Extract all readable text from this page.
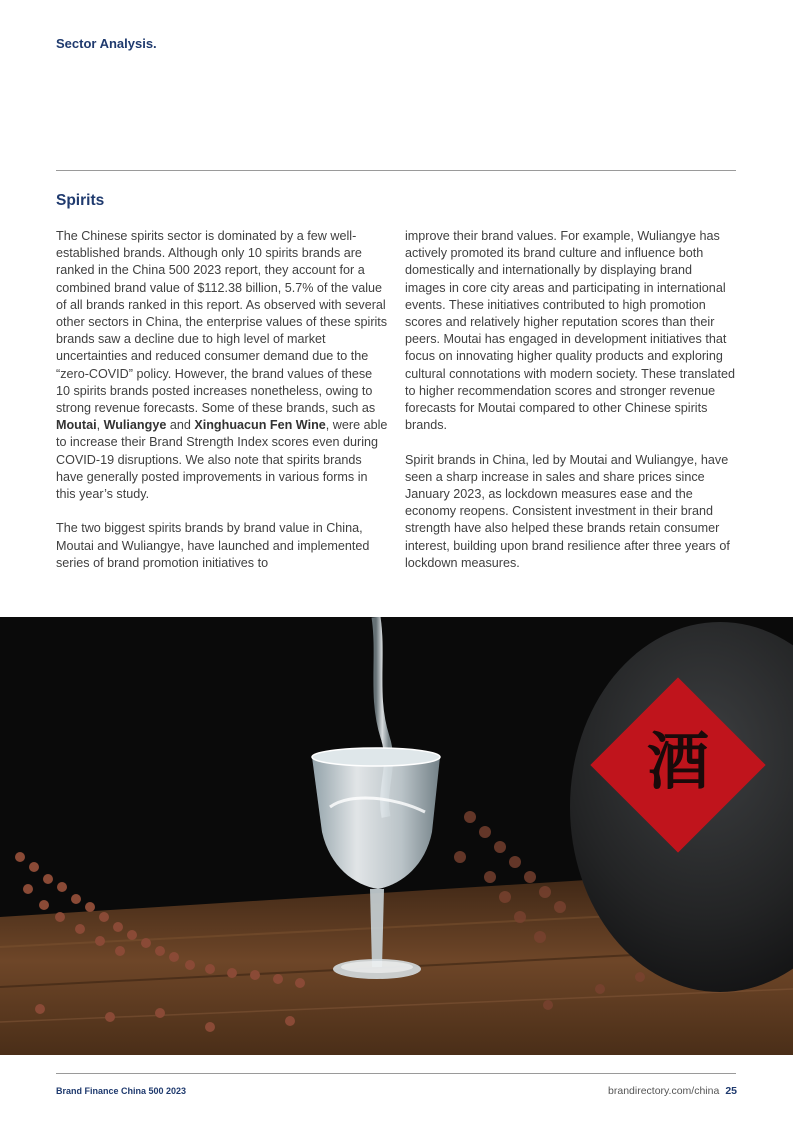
Sector Analysis.
Spirits

The Chinese spirits sector is dominated by a few well-established brands. Although only 10 spirits brands are ranked in the China 500 2023 report, they account for a combined brand value of $112.38 billion, 5.7% of the value of all brands ranked in this report. As observed with several other sectors in China, the enterprise values of these spirits brands saw a decline due to high level of market uncertainties and reduced consumer demand due to the “zero-COVID” policy. However, the brand values of these 10 spirits brands posted increases nonetheless, owing to strong revenue forecasts. Some of these brands, such as Moutai, Wuliangye and Xinghuacun Fen Wine, were able to increase their Brand Strength Index scores even during COVID-19 disruptions. We also note that spirits brands have generally posted improvements in various forms in this year’s study.

The two biggest spirits brands by brand value in China, Moutai and Wuliangye, have launched and implemented series of brand promotion initiatives to

improve their brand values. For example, Wuliangye has actively promoted its brand culture and influence both domestically and internationally by displaying brand images in core city areas and participating in international events. These initiatives contributed to high promotion scores and relatively higher reputation scores than their peers. Moutai has engaged in development initiatives that focus on innovating higher quality products and exploring cultural connotations with modern society. These translated to higher recommendation scores and stronger revenue forecasts for Moutai compared to other Chinese spirits brands.

Spirit brands in China, led by Moutai and Wuliangye, have seen a sharp increase in sales and share prices since January 2023, as lockdown measures ease and the economy reopens. Consistent investment in their brand strength have also helped these brands retain consumer interest, building upon brand resilience after three years of lockdown measures.

酒
Brand Finance China 500 2023	brandirectory.com/china 25
